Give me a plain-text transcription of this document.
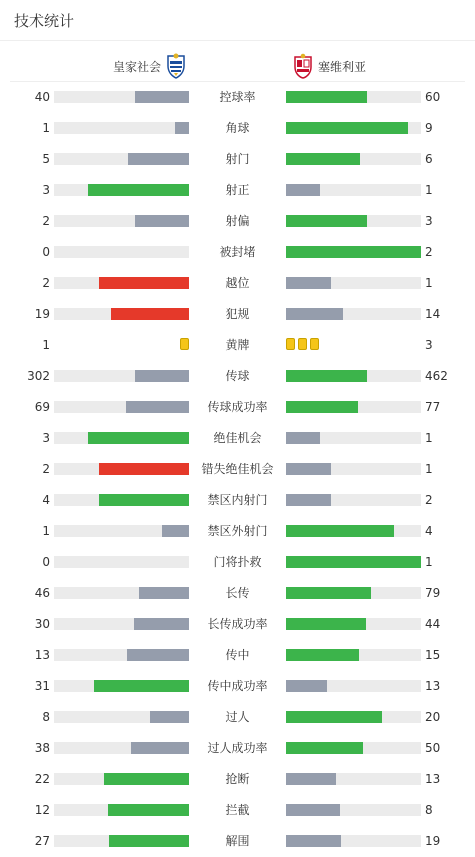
技术统计
皇家社会	塞维利亚
40	控球率	60
1	角球	9
5	射门	6
3	射正	1
2	射偏	3
0	被封堵	2
2	越位	1
19	犯规	14
1	黄牌	3
302	传球	462
69	传球成功率	77
3	绝佳机会	1
2	错失绝佳机会	1
4	禁区内射门	2
1	禁区外射门	4
0	门将扑救	1
46	长传	79
30	长传成功率	44
13	传中	15
31	传中成功率	13
8	过人	20
38	过人成功率	50
22	抢断	13
12	拦截	8
27	解围	19
